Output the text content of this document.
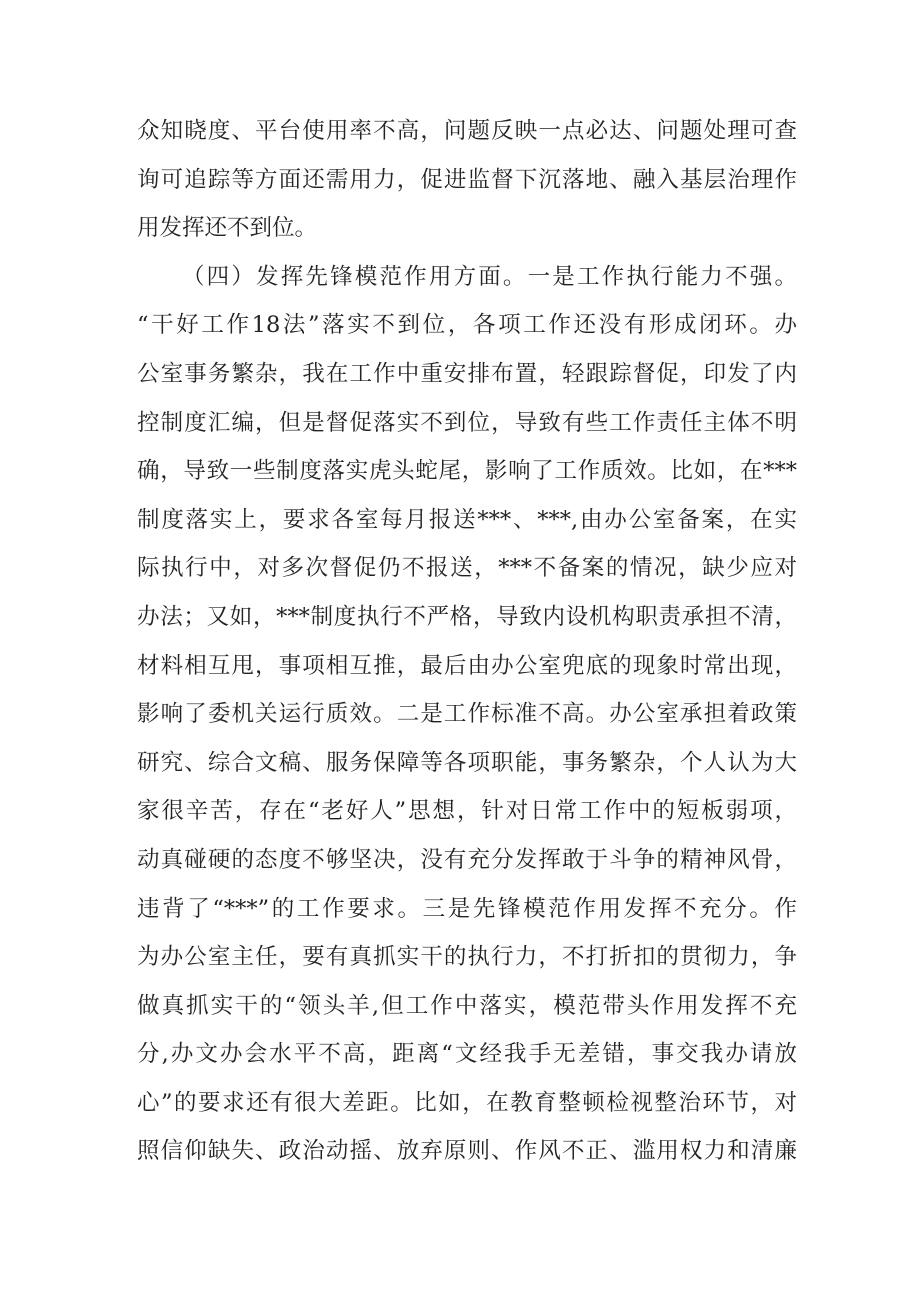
众知晓度、平台使用率不高，问题反映一点必达、问题处理可查
询可追踪等方面还需用力，促进监督下沉落地、融入基层治理作
用发挥还不到位。
（四）发挥先锋模范作用方面。一是工作执行能力不强。
“干好工作18法”落实不到位，各项工作还没有形成闭环。办
公室事务繁杂，我在工作中重安排布置，轻跟踪督促，印发了内
控制度汇编，但是督促落实不到位，导致有些工作责任主体不明
确，导致一些制度落实虎头蛇尾，影响了工作质效。比如，在***
制度落实上，要求各室每月报送***、***,由办公室备案，在实
际执行中，对多次督促仍不报送，***不备案的情况，缺少应对
办法；又如，***制度执行不严格，导致内设机构职责承担不清，
材料相互甩，事项相互推，最后由办公室兜底的现象时常出现，
影响了委机关运行质效。二是工作标准不高。办公室承担着政策
研究、综合文稿、服务保障等各项职能，事务繁杂，个人认为大
家很辛苦，存在“老好人”思想，针对日常工作中的短板弱项，
动真碰硬的态度不够坚决，没有充分发挥敢于斗争的精神风骨，
违背了“***”的工作要求。三是先锋模范作用发挥不充分。作
为办公室主任，要有真抓实干的执行力，不打折扣的贯彻力，争
做真抓实干的“领头羊,但工作中落实，模范带头作用发挥不充
分,办文办会水平不高，距离“文经我手无差错，事交我办请放
心”的要求还有很大差距。比如，在教育整顿检视整治环节，对
照信仰缺失、政治动摇、放弃原则、作风不正、滥用权力和清廉
